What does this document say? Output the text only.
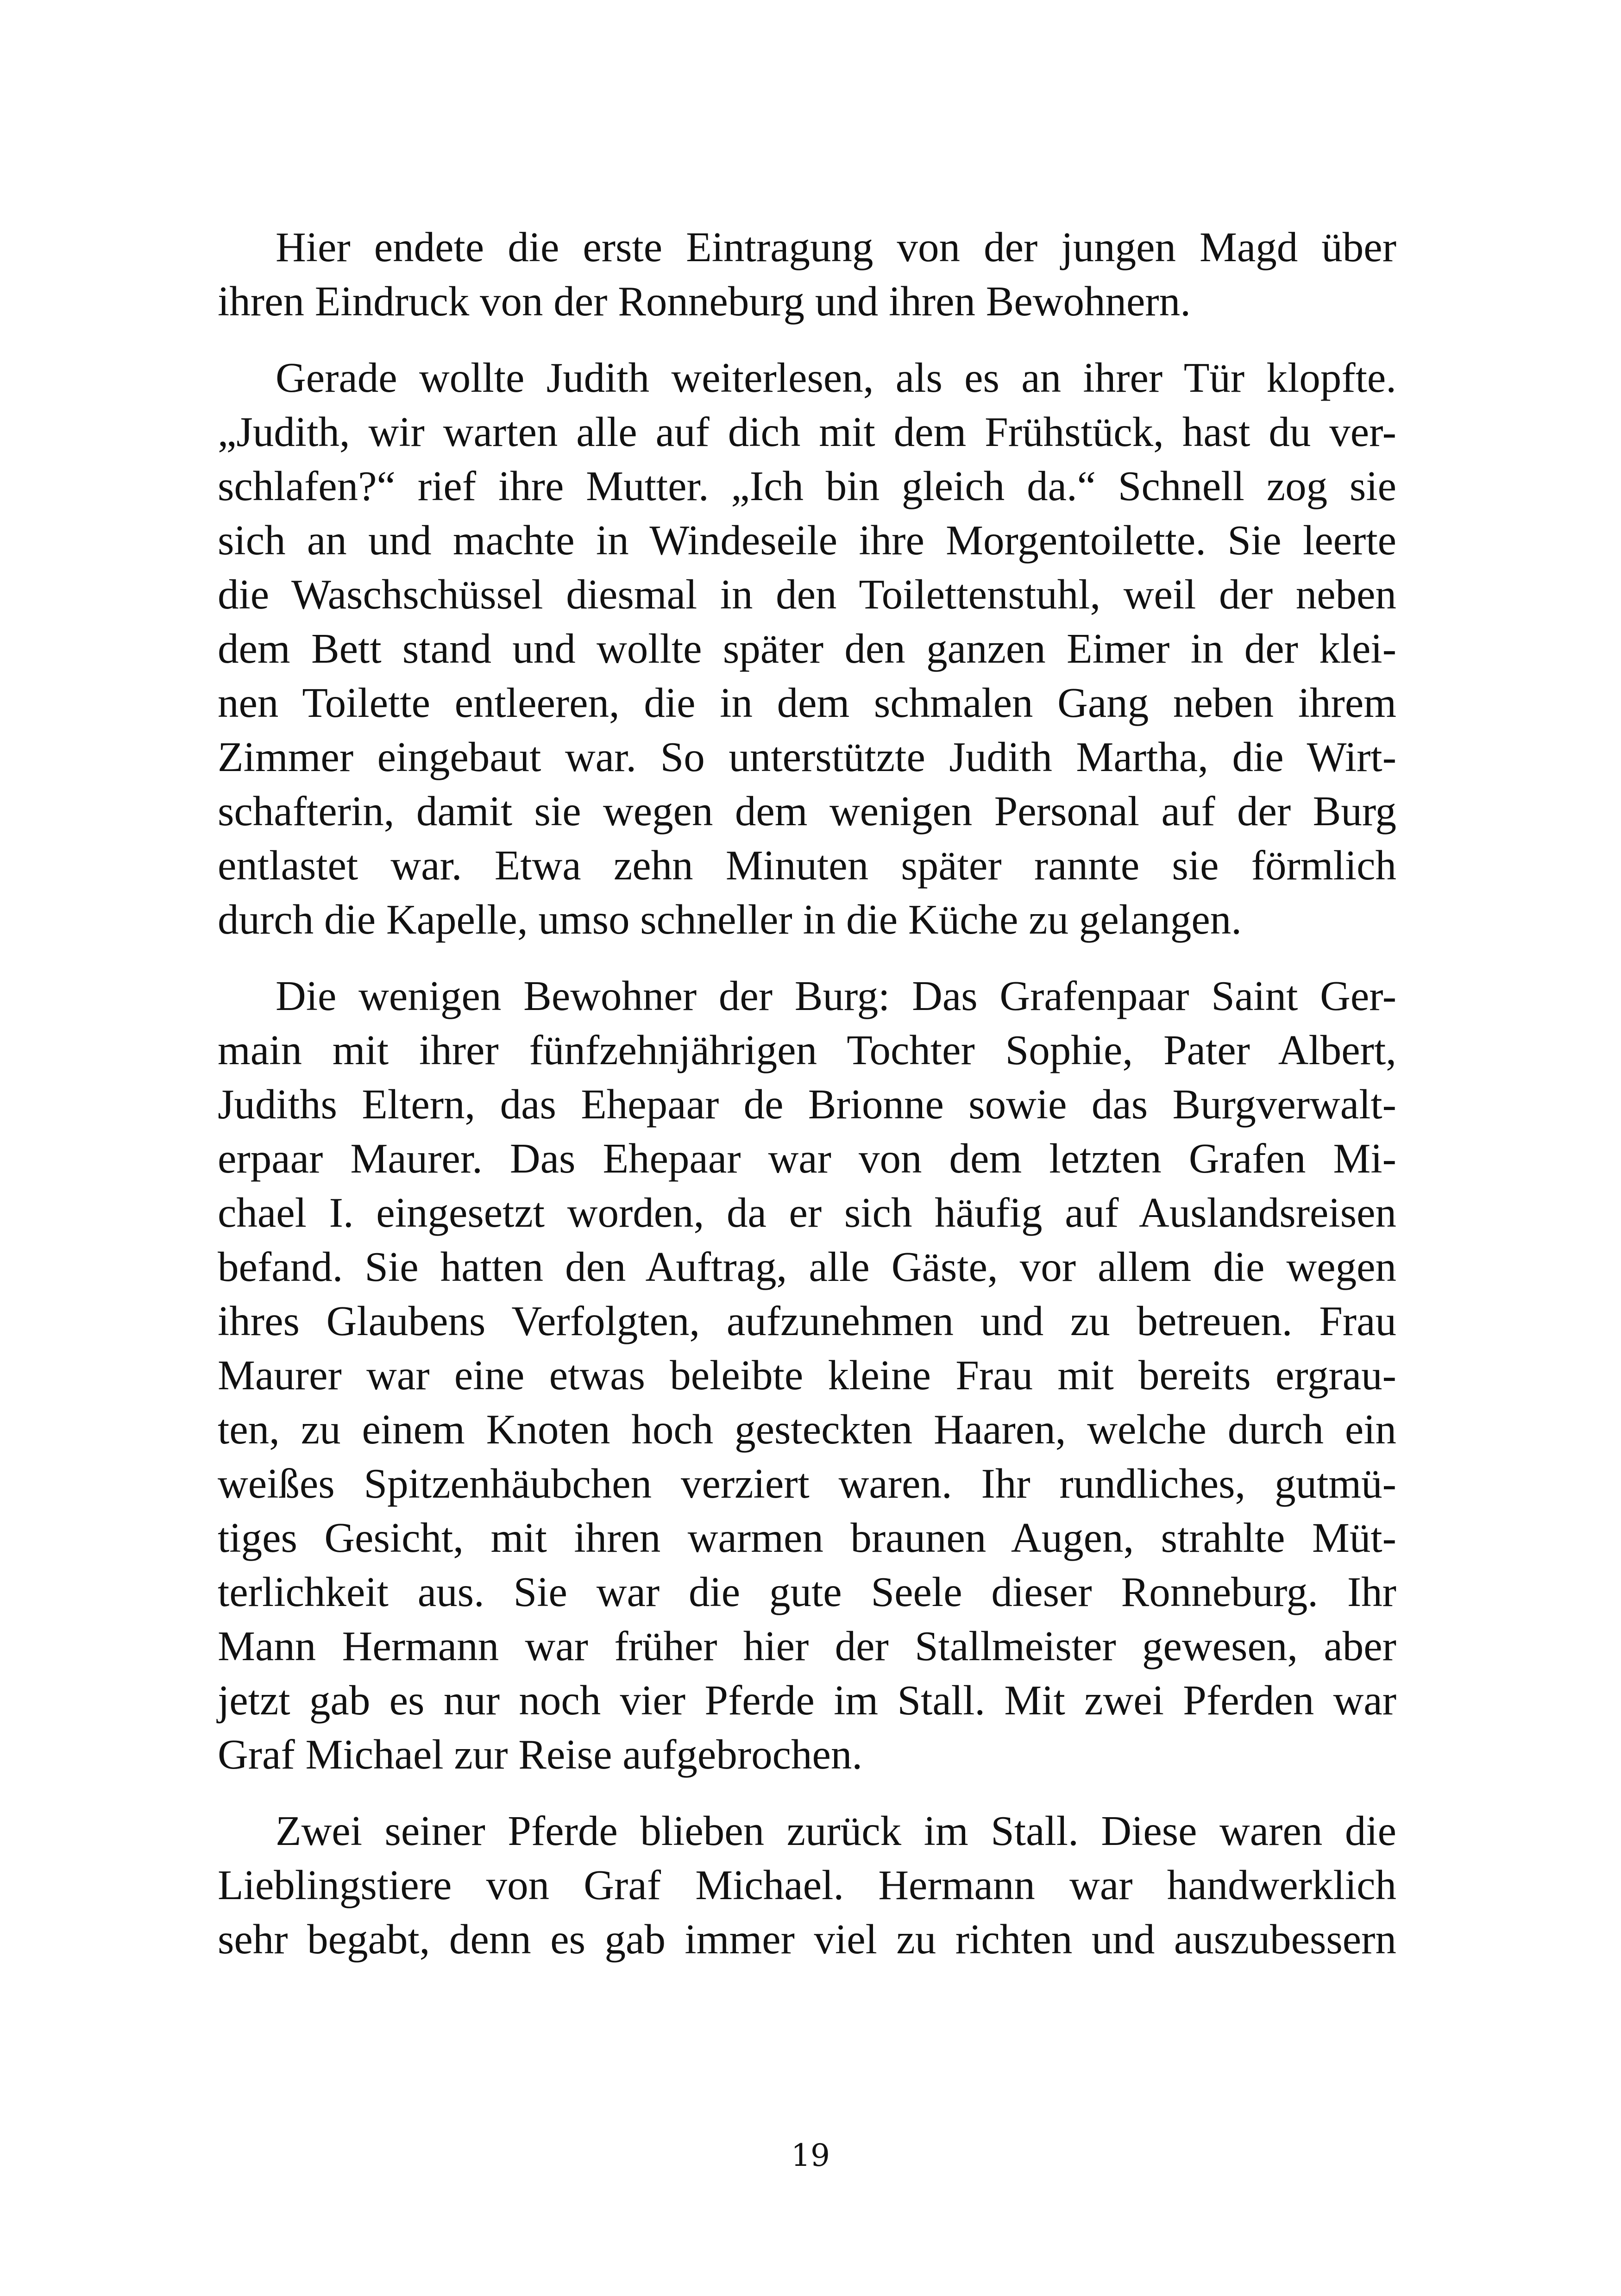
Hier endete die erste Eintragung von der jungen Magd über
ihren Eindruck von der Ronneburg und ihren Bewohnern.

Gerade wollte Judith weiterlesen, als es an ihrer Tür klopfte.
„Judith, wir warten alle auf dich mit dem Frühstück, hast du ver-
schlafen?“ rief ihre Mutter. „Ich bin gleich da.“ Schnell zog sie
sich an und machte in Windeseile ihre Morgentoilette. Sie leerte
die Waschschüssel diesmal in den Toilettenstuhl, weil der neben
dem Bett stand und wollte später den ganzen Eimer in der klei-
nen Toilette entleeren, die in dem schmalen Gang neben ihrem
Zimmer eingebaut war. So unterstützte Judith Martha, die Wirt-
schafterin, damit sie wegen dem wenigen Personal auf der Burg
entlastet war. Etwa zehn Minuten später rannte sie förmlich
durch die Kapelle, umso schneller in die Küche zu gelangen.

Die wenigen Bewohner der Burg: Das Grafenpaar Saint Ger-
main mit ihrer fünfzehnjährigen Tochter Sophie, Pater Albert,
Judiths Eltern, das Ehepaar de Brionne sowie das Burgverwalt-
erpaar Maurer. Das Ehepaar war von dem letzten Grafen Mi-
chael I. eingesetzt worden, da er sich häufig auf Auslandsreisen
befand. Sie hatten den Auftrag, alle Gäste, vor allem die wegen
ihres Glaubens Verfolgten, aufzunehmen und zu betreuen. Frau
Maurer war eine etwas beleibte kleine Frau mit bereits ergrau-
ten, zu einem Knoten hoch gesteckten Haaren, welche durch ein
weißes Spitzenhäubchen verziert waren. Ihr rundliches, gutmü-
tiges Gesicht, mit ihren warmen braunen Augen, strahlte Müt-
terlichkeit aus. Sie war die gute Seele dieser Ronneburg. Ihr
Mann Hermann war früher hier der Stallmeister gewesen, aber
jetzt gab es nur noch vier Pferde im Stall. Mit zwei Pferden war
Graf Michael zur Reise aufgebrochen.

Zwei seiner Pferde blieben zurück im Stall. Diese waren die
Lieblingstiere von Graf Michael. Hermann war handwerklich
sehr begabt, denn es gab immer viel zu richten und auszubessern

19
